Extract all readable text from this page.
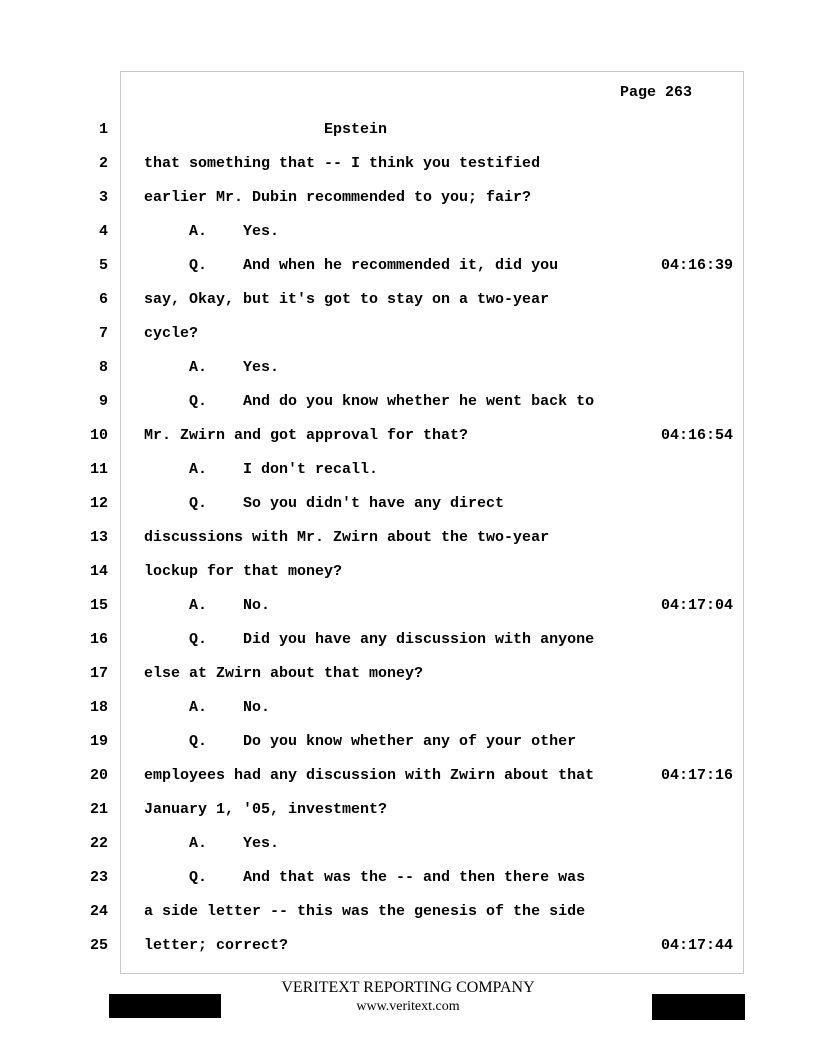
Page 263
1 Epstein
2 that something that -- I think you testified
3 earlier Mr. Dubin recommended to you; fair?
4 A.    Yes.
5 Q.    And when he recommended it, did you	04:16:39
6 say, Okay, but it's got to stay on a two-year
7 cycle?
8 A.    Yes.
9 Q.    And do you know whether he went back to
10 Mr. Zwirn and got approval for that?	04:16:54
11 A.    I don't recall.
12 Q.    So you didn't have any direct
13 discussions with Mr. Zwirn about the two-year
14 lockup for that money?
15 A.    No.	04:17:04
16 Q.    Did you have any discussion with anyone
17 else at Zwirn about that money?
18 A.    No.
19 Q.    Do you know whether any of your other
20 employees had any discussion with Zwirn about that	04:17:16
21 January 1, '05, investment?
22 A.    Yes.
23 Q.    And that was the -- and then there was
24 a side letter -- this was the genesis of the side
25 letter; correct?	04:17:44
VERITEXT REPORTING COMPANY
www.veritext.com
